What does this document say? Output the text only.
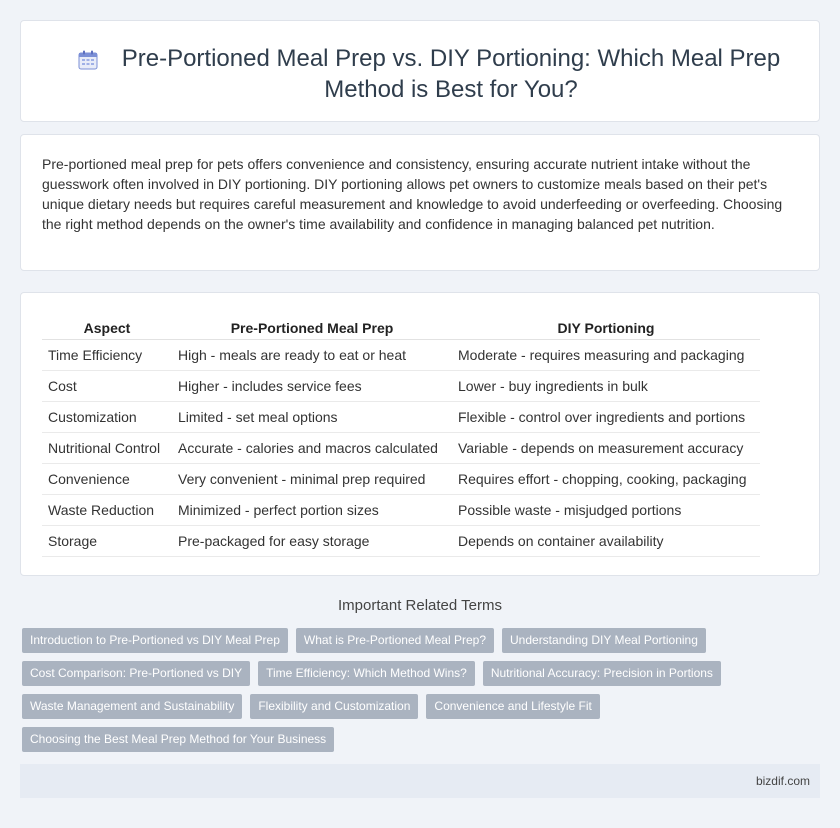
Pre-Portioned Meal Prep vs. DIY Portioning: Which Meal Prep Method is Best for You?

Pre-portioned meal prep for pets offers convenience and consistency, ensuring accurate nutrient intake without the guesswork often involved in DIY portioning. DIY portioning allows pet owners to customize meals based on their pet's unique dietary needs but requires careful measurement and knowledge to avoid underfeeding or overfeeding. Choosing the right method depends on the owner's time availability and confidence in managing balanced pet nutrition.

Aspect	Pre-Portioned Meal Prep	DIY Portioning
Time Efficiency	High - meals are ready to eat or heat	Moderate - requires measuring and packaging
Cost	Higher - includes service fees	Lower - buy ingredients in bulk
Customization	Limited - set meal options	Flexible - control over ingredients and portions
Nutritional Control	Accurate - calories and macros calculated	Variable - depends on measurement accuracy
Convenience	Very convenient - minimal prep required	Requires effort - chopping, cooking, packaging
Waste Reduction	Minimized - perfect portion sizes	Possible waste - misjudged portions
Storage	Pre-packaged for easy storage	Depends on container availability
Important Related Terms
Introduction to Pre-Portioned vs DIY Meal Prep	What is Pre-Portioned Meal Prep?	Understanding DIY Meal Portioning
Cost Comparison: Pre-Portioned vs DIY	Time Efficiency: Which Method Wins?	Nutritional Accuracy: Precision in Portions
Waste Management and Sustainability	Flexibility and Customization	Convenience and Lifestyle Fit
Choosing the Best Meal Prep Method for Your Business
bizdif.com
